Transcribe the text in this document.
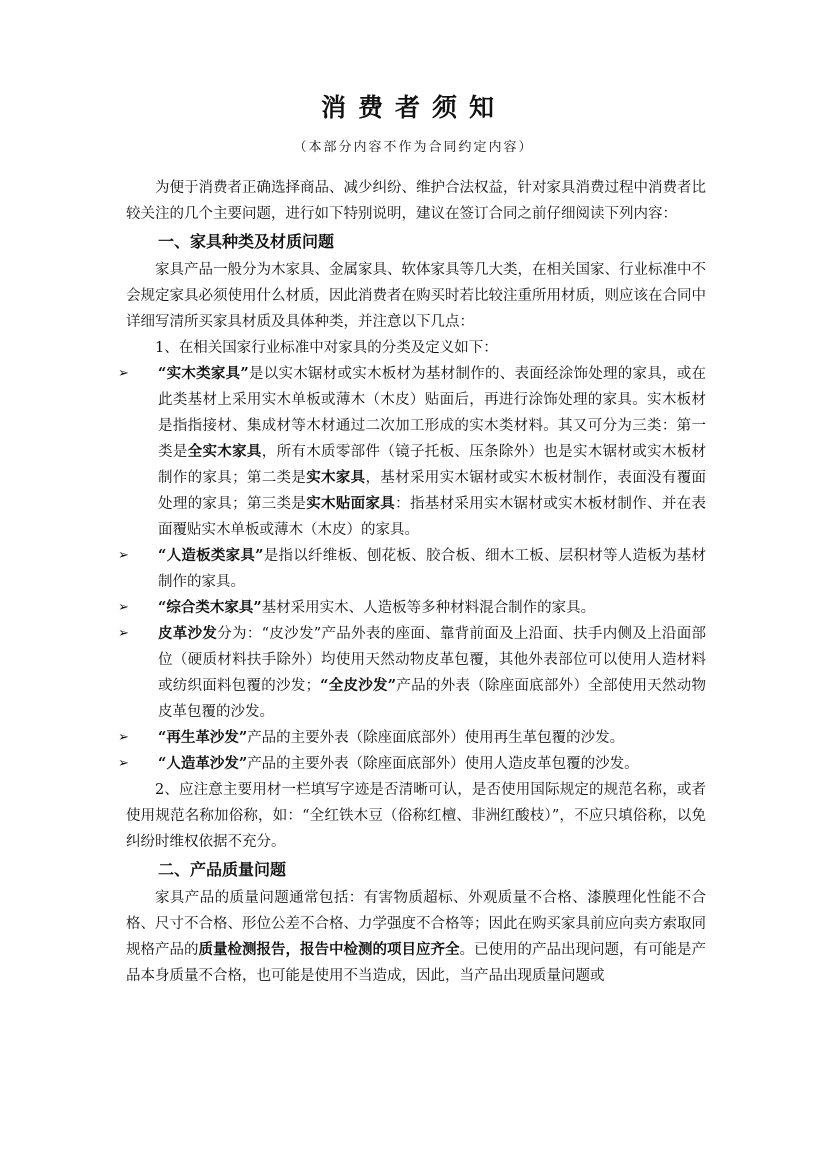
消费者须知
（本部分内容不作为合同约定内容）

为便于消费者正确选择商品、减少纠纷、维护合法权益，针对家具消费过程中消费者比较关注的几个主要问题，进行如下特别说明，建议在签订合同之前仔细阅读下列内容：

一、家具种类及材质问题

家具产品一般分为木家具、金属家具、软体家具等几大类，在相关国家、行业标准中不会规定家具必须使用什么材质，因此消费者在购买时若比较注重所用材质，则应该在合同中详细写清所买家具材质及具体种类，并注意以下几点：

1、在相关国家行业标准中对家具的分类及定义如下：

➢	“实木类家具”是以实木锯材或实木板材为基材制作的、表面经涂饰处理的家具，或在此类基材上采用实木单板或薄木（木皮）贴面后，再进行涂饰处理的家具。实木板材是指指接材、集成材等木材通过二次加工形成的实木类材料。其又可分为三类：第一类是全实木家具，所有木质零部件（镜子托板、压条除外）也是实木锯材或实木板材制作的家具；第二类是实木家具，基材采用实木锯材或实木板材制作，表面没有覆面处理的家具；第三类是实木贴面家具：指基材采用实木锯材或实木板材制作、并在表面覆贴实木单板或薄木（木皮）的家具。

➢	“人造板类家具”是指以纤维板、刨花板、胶合板、细木工板、层积材等人造板为基材制作的家具。

➢	“综合类木家具”基材采用实木、人造板等多种材料混合制作的家具。

➢	皮革沙发分为：“皮沙发”产品外表的座面、靠背前面及上沿面、扶手内侧及上沿面部位（硬质材料扶手除外）均使用天然动物皮革包覆，其他外表部位可以使用人造材料或纺织面料包覆的沙发；“全皮沙发”产品的外表（除座面底部外）全部使用天然动物皮革包覆的沙发。

➢	“再生革沙发”产品的主要外表（除座面底部外）使用再生革包覆的沙发。

➢	“人造革沙发”产品的主要外表（除座面底部外）使用人造皮革包覆的沙发。

2、应注意主要用材一栏填写字迹是否清晰可认，是否使用国际规定的规范名称，或者使用规范名称加俗称，如：“全红铁木豆（俗称红檀、非洲红酸枝）”，不应只填俗称，以免纠纷时维权依据不充分。

二、产品质量问题

家具产品的质量问题通常包括：有害物质超标、外观质量不合格、漆膜理化性能不合格、尺寸不合格、形位公差不合格、力学强度不合格等；因此在购买家具前应向卖方索取同规格产品的质量检测报告，报告中检测的项目应齐全。已使用的产品出现问题，有可能是产品本身质量不合格，也可能是使用不当造成，因此，当产品出现质量问题或
